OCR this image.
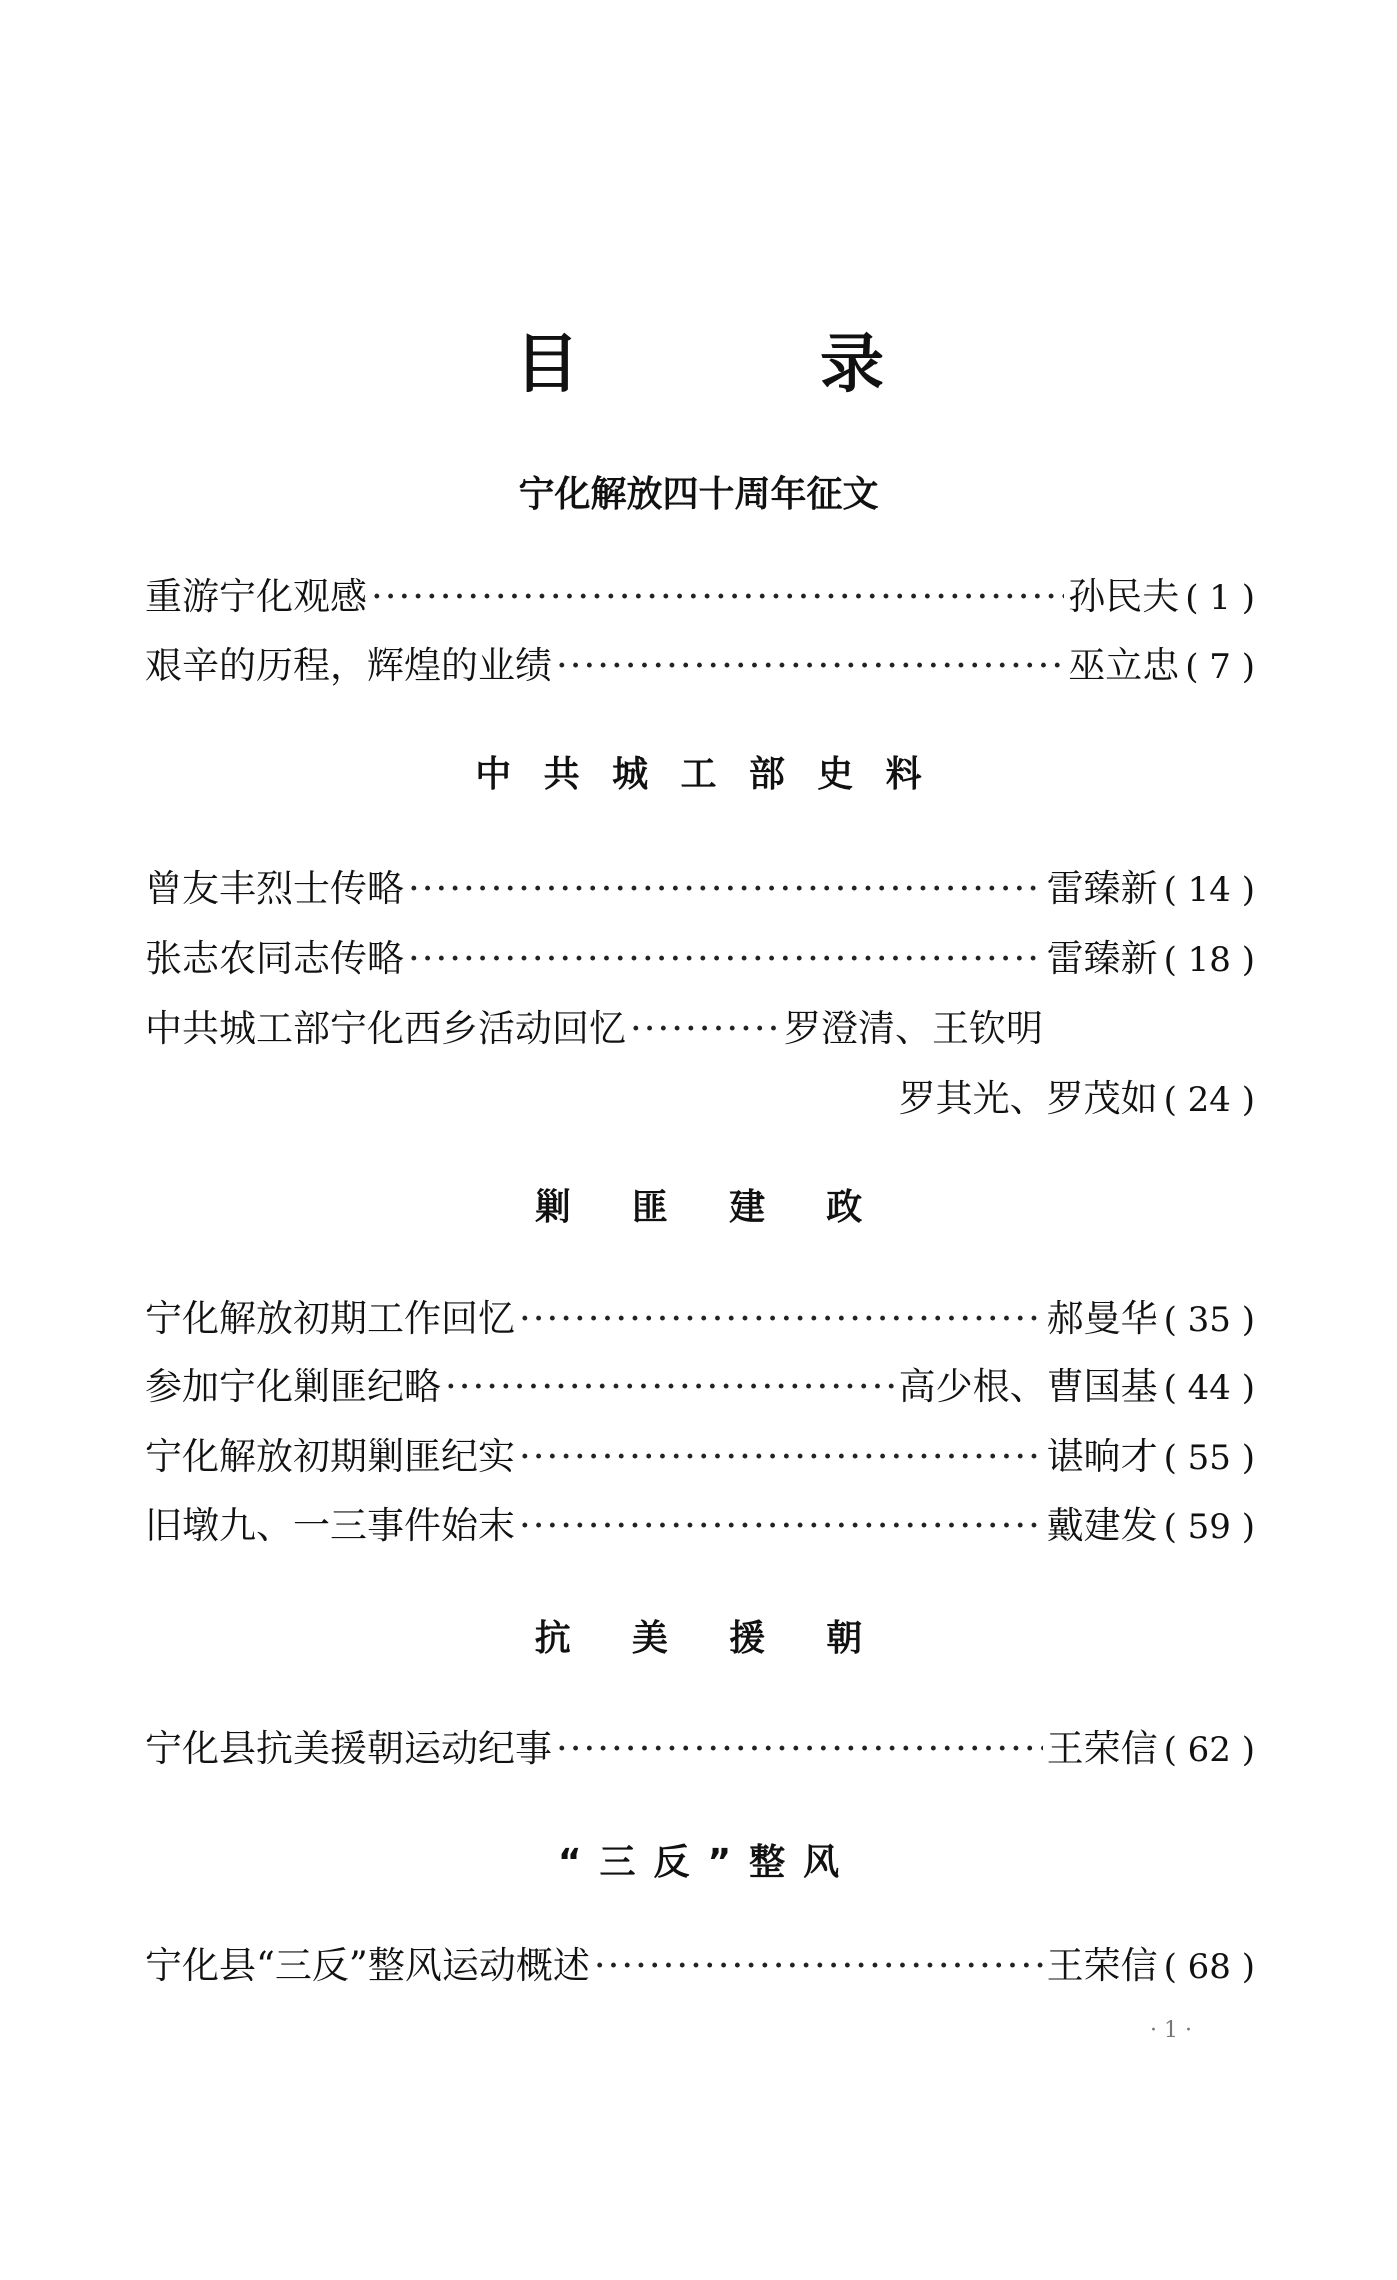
目	录
宁化解放四十周年征文
重游宁化观感 ·····	孙民夫 ( 1 )
艰辛的历程，辉煌的业绩 ·····	巫立忠 ( 7 )
中共城工部史料
曾友丰烈士传略 ·····	雷臻新 ( 14 )
张志农同志传略 ·····	雷臻新 ( 18 )
中共城工部宁化西乡活动回忆 ·····	罗澄清、王钦明
罗其光、罗茂如 ( 24 )
剿匪建政
宁化解放初期工作回忆 ·····	郝曼华 ( 35 )
参加宁化剿匪纪略 ·····	高少根、曹国基 ( 44 )
宁化解放初期剿匪纪实 ·····	谌晌才 ( 55 )
旧墩九、一三事件始末 ·····	戴建发 ( 59 )
抗美援朝
宁化县抗美援朝运动纪事 ·····	王荣信 ( 62 )
“三反”整风
宁化县“三反”整风运动概述 ·····	王荣信 ( 68 )
· 1 ·
